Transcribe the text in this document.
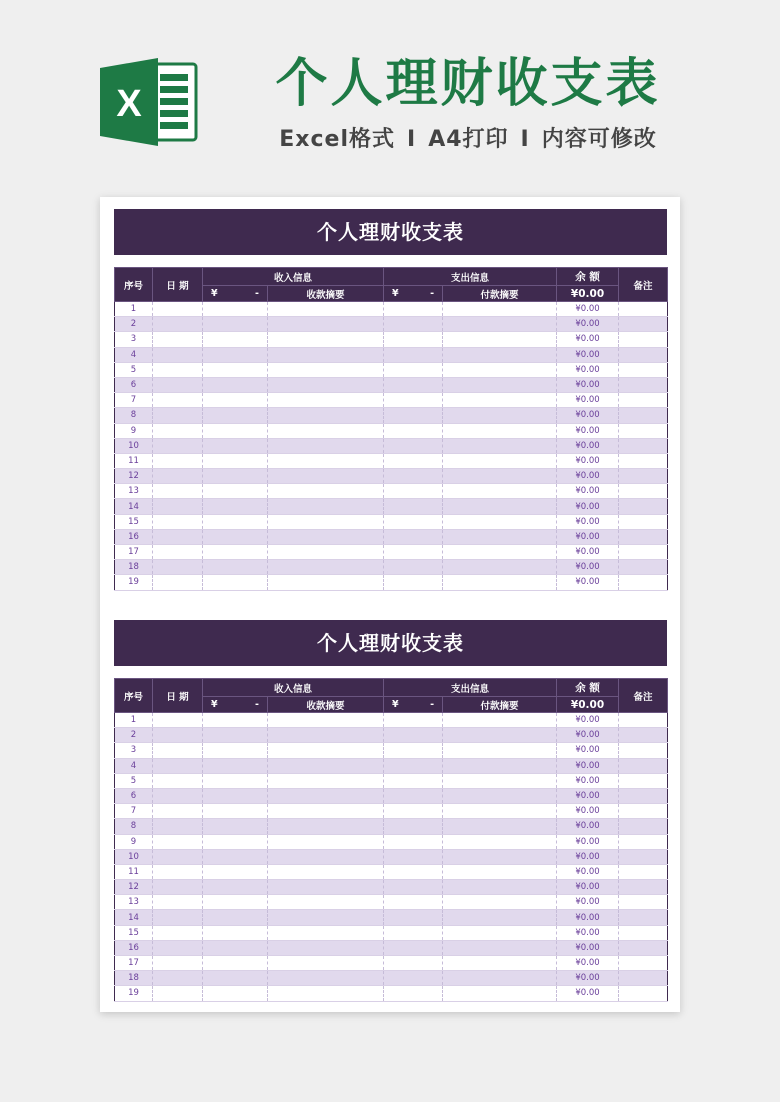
X	个人理财收支表
Excel格式 I A4打印 I 内容可修改
个人理财收支表
序号	日 期	收入信息		支出信息		余 额	备注

		¥ -	收款摘要	¥ -	付款摘要	¥0.00	
1						¥0.00	
2						¥0.00	
3						¥0.00	
4						¥0.00	
5						¥0.00	
6						¥0.00	
7						¥0.00	
8						¥0.00	
9						¥0.00	
10						¥0.00	
11						¥0.00	
12						¥0.00	
13						¥0.00	
14						¥0.00	
15						¥0.00	
16						¥0.00	
17						¥0.00	
18						¥0.00	
19						¥0.00	
个人理财收支表
序号	日 期	收入信息		支出信息		余 额	备注

		¥ -	收款摘要	¥ -	付款摘要	¥0.00	
1						¥0.00	
2						¥0.00	
3						¥0.00	
4						¥0.00	
5						¥0.00	
6						¥0.00	
7						¥0.00	
8						¥0.00	
9						¥0.00	
10						¥0.00	
11						¥0.00	
12						¥0.00	
13						¥0.00	
14						¥0.00	
15						¥0.00	
16						¥0.00	
17						¥0.00	
18						¥0.00	
19						¥0.00	
